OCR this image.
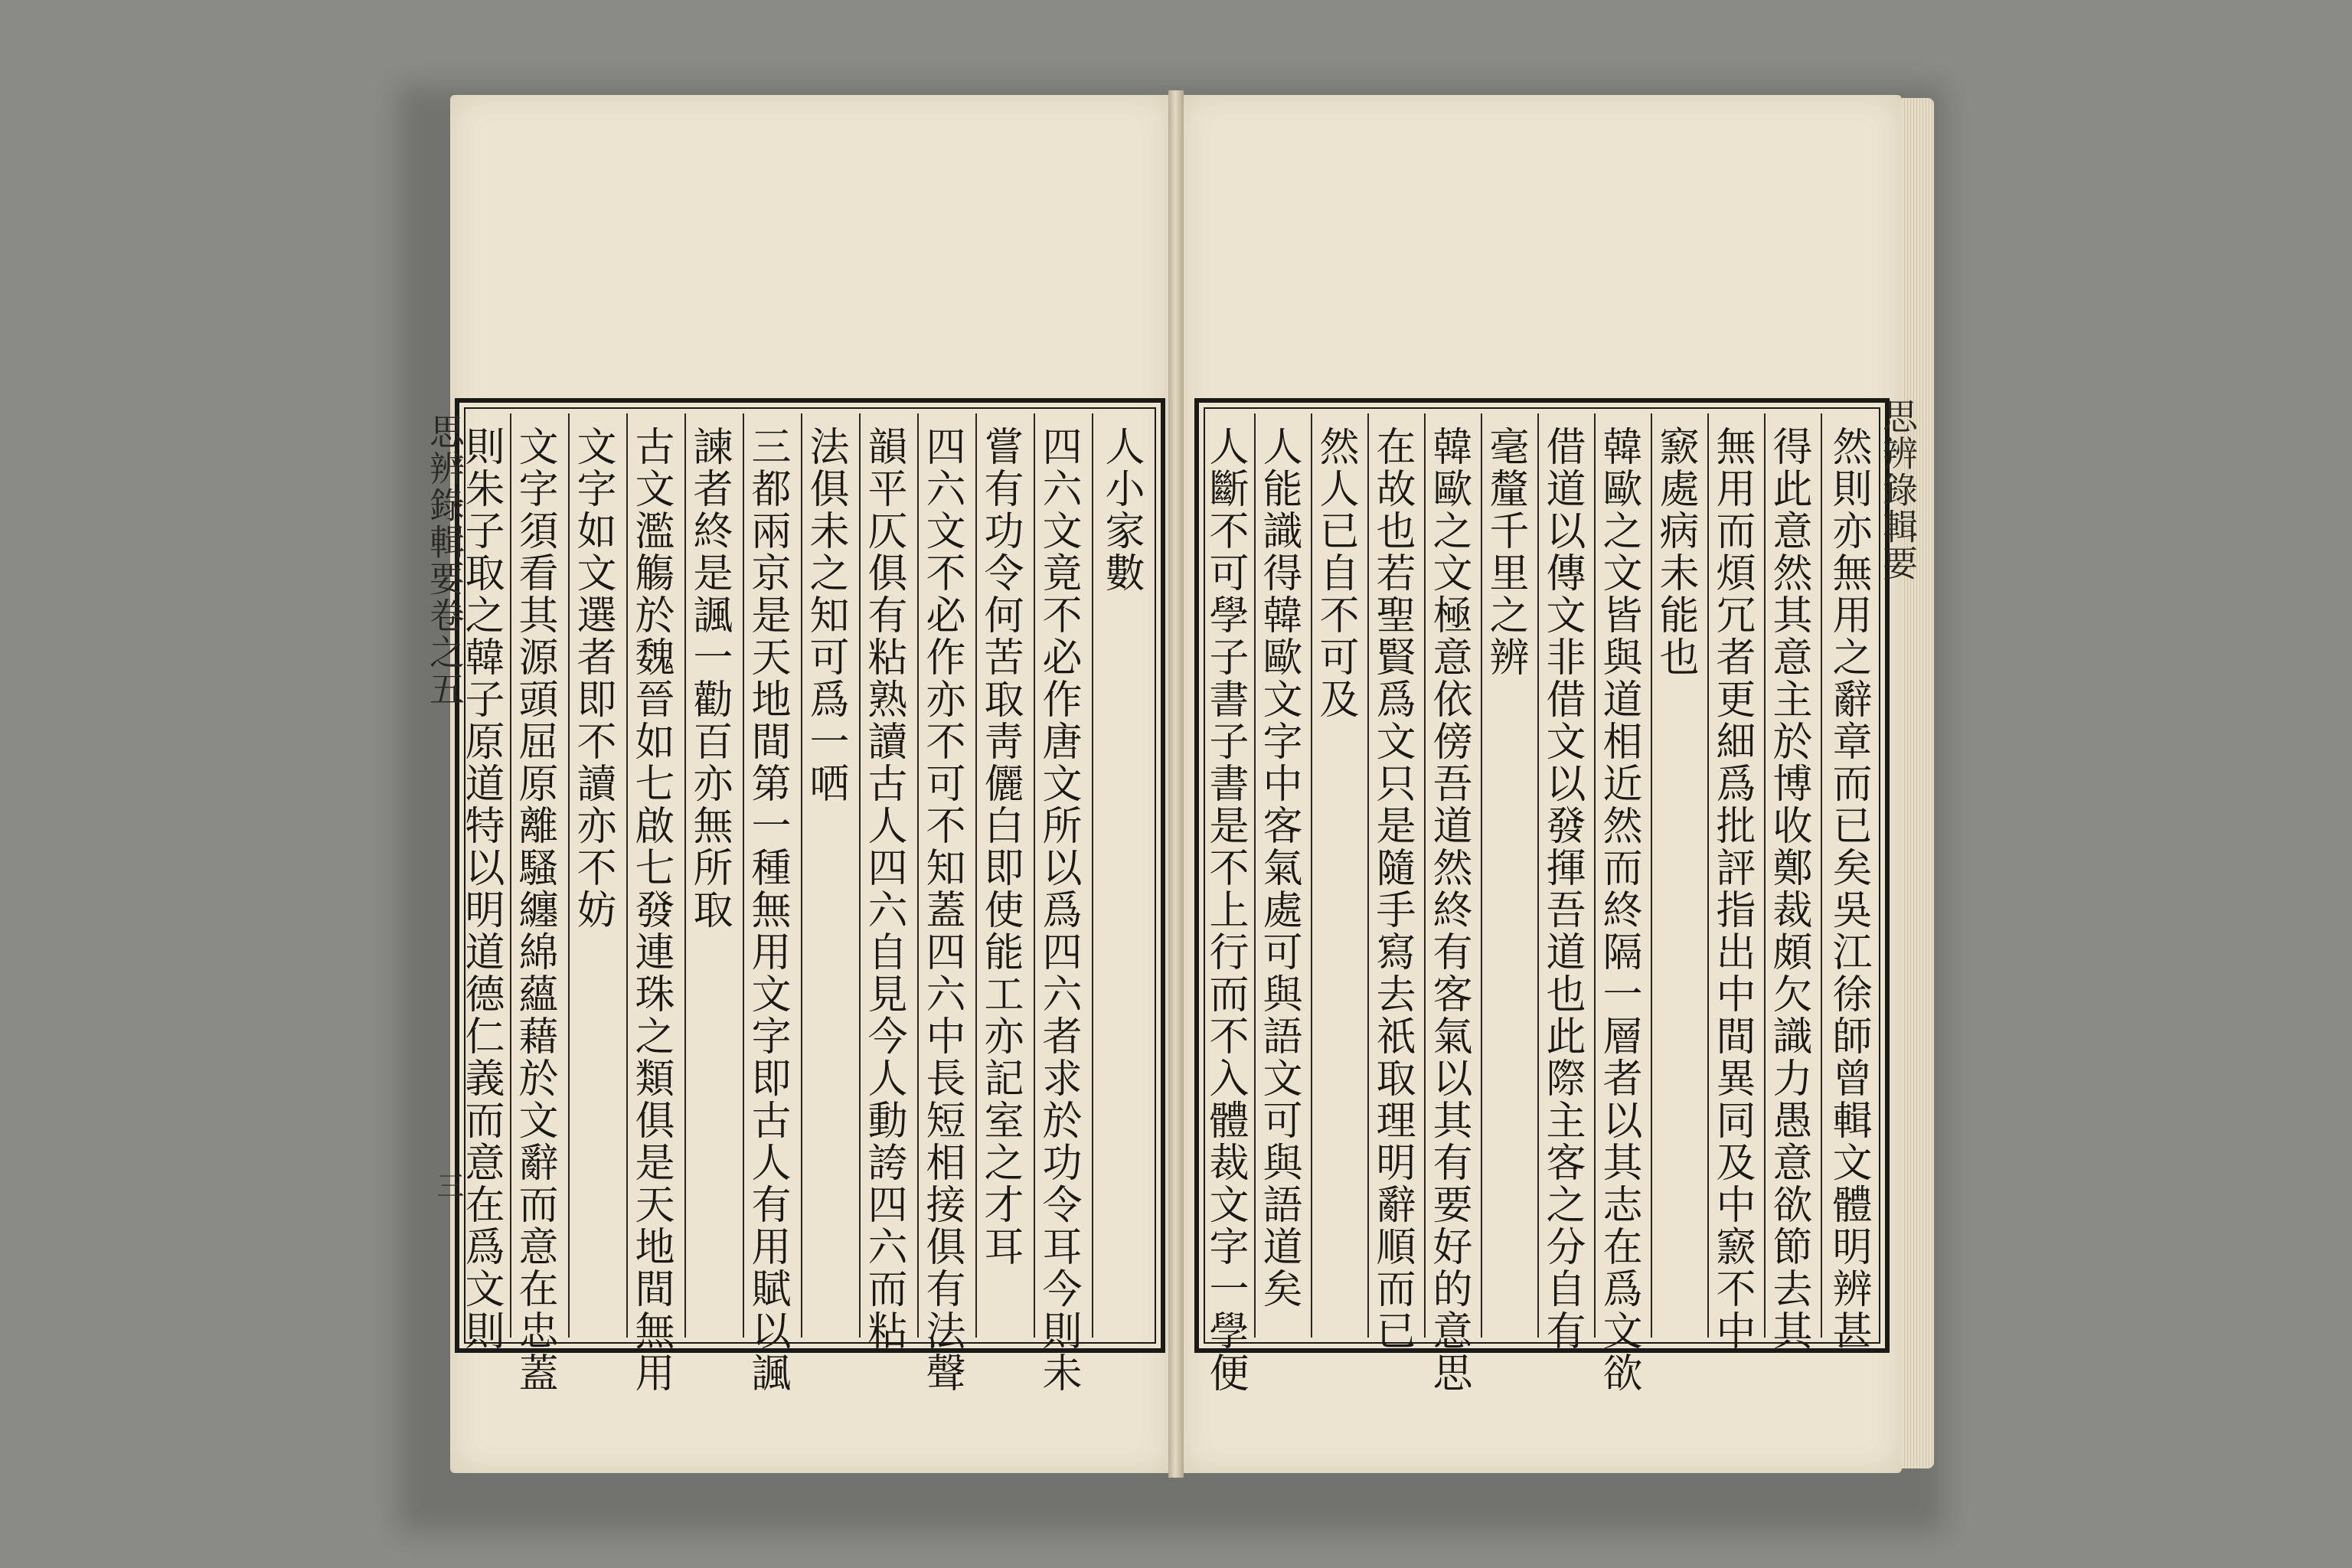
人小家數
四六文竟不必作唐文所以爲四六者求於功令耳今則未
嘗有功令何苦取靑儷白即使能工亦記室之才耳
四六文不必作亦不可不知蓋四六中長短相接俱有法聲
韻平仄俱有粘熟讀古人四六自見今人動誇四六而粘
法俱未之知可爲一哂
三都兩京是天地間第一種無用文字即古人有用賦以諷
諫者終是諷一勸百亦無所取
古文濫觴於魏晉如七啟七發連珠之類俱是天地間無用
文字如文選者即不讀亦不妨
文字須看其源頭屈原離騷纏綿蘊藉於文辭而意在忠蓋
則朱子取之韓子原道特以明道德仁義而意在爲文則
思辨錄輯要卷之五
三	然則亦無用之辭章而已矣吳江徐師曾輯文體明辨甚
得此意然其意主於博收鄭裁頗欠識力愚意欲節去其
無用而煩冗者更細爲批評指出中間異同及中窾不中
窾處病未能也
韓歐之文皆與道相近然而終隔一層者以其志在爲文欲
借道以傳文非借文以發揮吾道也此際主客之分自有
毫釐千里之辨
韓歐之文極意依傍吾道然終有客氣以其有要好的意思
在故也若聖賢爲文只是隨手寫去祇取理明辭順而已
然人已自不可及
人能識得韓歐文字中客氣處可與語文可與語道矣
人斷不可學子書子書是不上行而不入體裁文字一學便	思辨錄輯要
